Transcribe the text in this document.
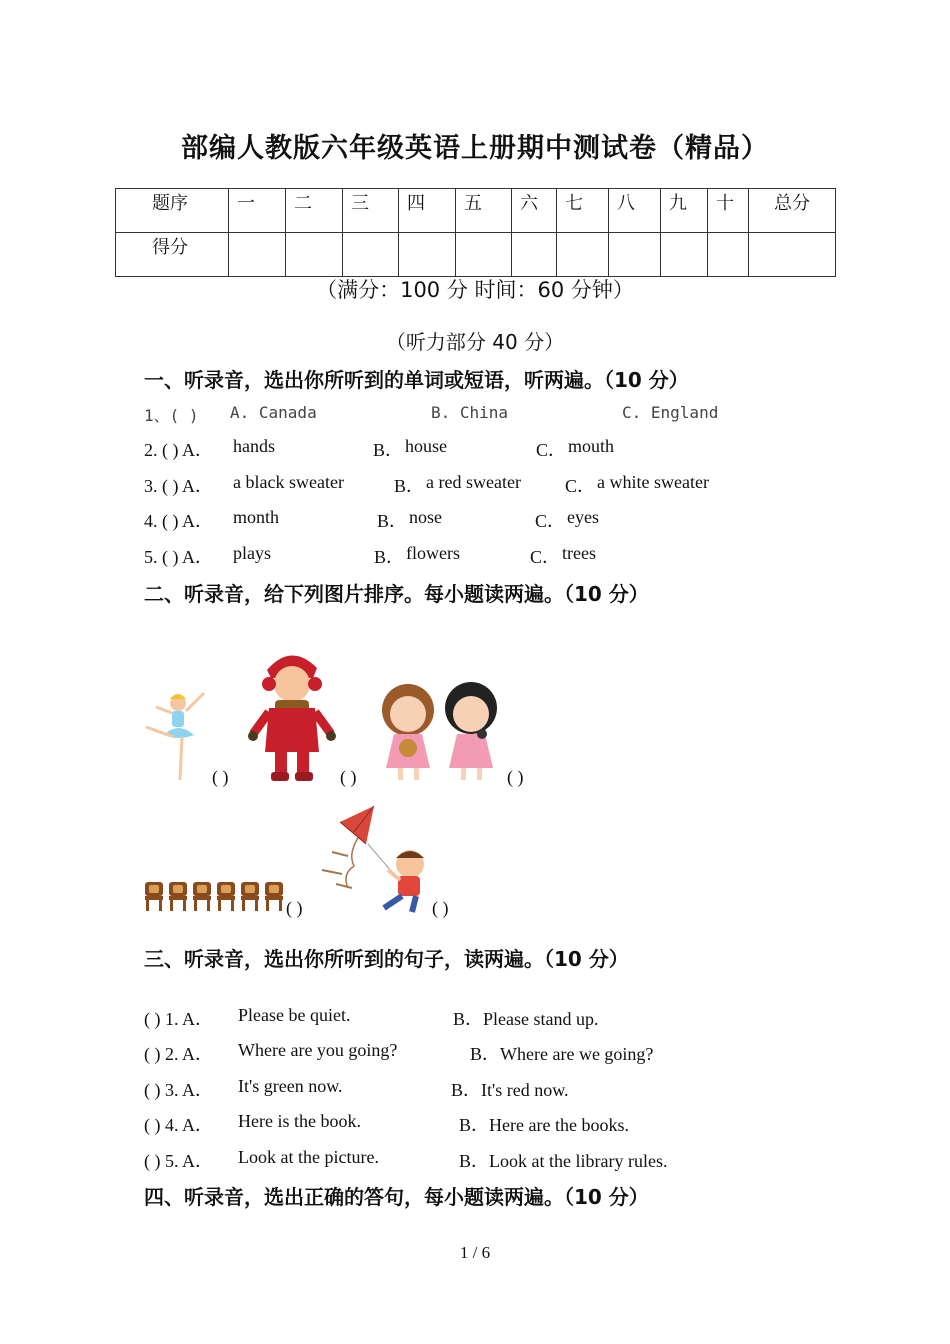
部编人教版六年级英语上册期中测试卷（精品）
题序	一	二	三	四	五	六	七	八	九	十	总分
得分											
（满分：100 分 时间：60 分钟）
（听力部分 40 分）
一、听录音，选出你所听到的单词或短语，听两遍。（10 分）
1、( ) A. Canada	B. China	C. England
2. ( ) A． hands	B． house	C． mouth
3. ( ) A． a black sweater	B． a red sweater C． a white sweater
4. ( ) A． month	B． nose	C． eyes
5. ( ) A． plays	B． flowers	C． trees
二、听录音，给下列图片排序。每小题读两遍。（10 分）
( )	( )	( )
( )	( )
三、听录音，选出你所听到的句子，读两遍。（10 分）
( ) 1. A． Please be quiet.	B．Please stand up.
( ) 2. A． Where are you going?	B．Where are we going?
( ) 3. A． It's green now.	B．It's red now.
( ) 4. A． Here is the book.	B．Here are the books.
( ) 5. A． Look at the picture.	B．Look at the library rules.
四、听录音，选出正确的答句，每小题读两遍。（10 分）
1 / 6
